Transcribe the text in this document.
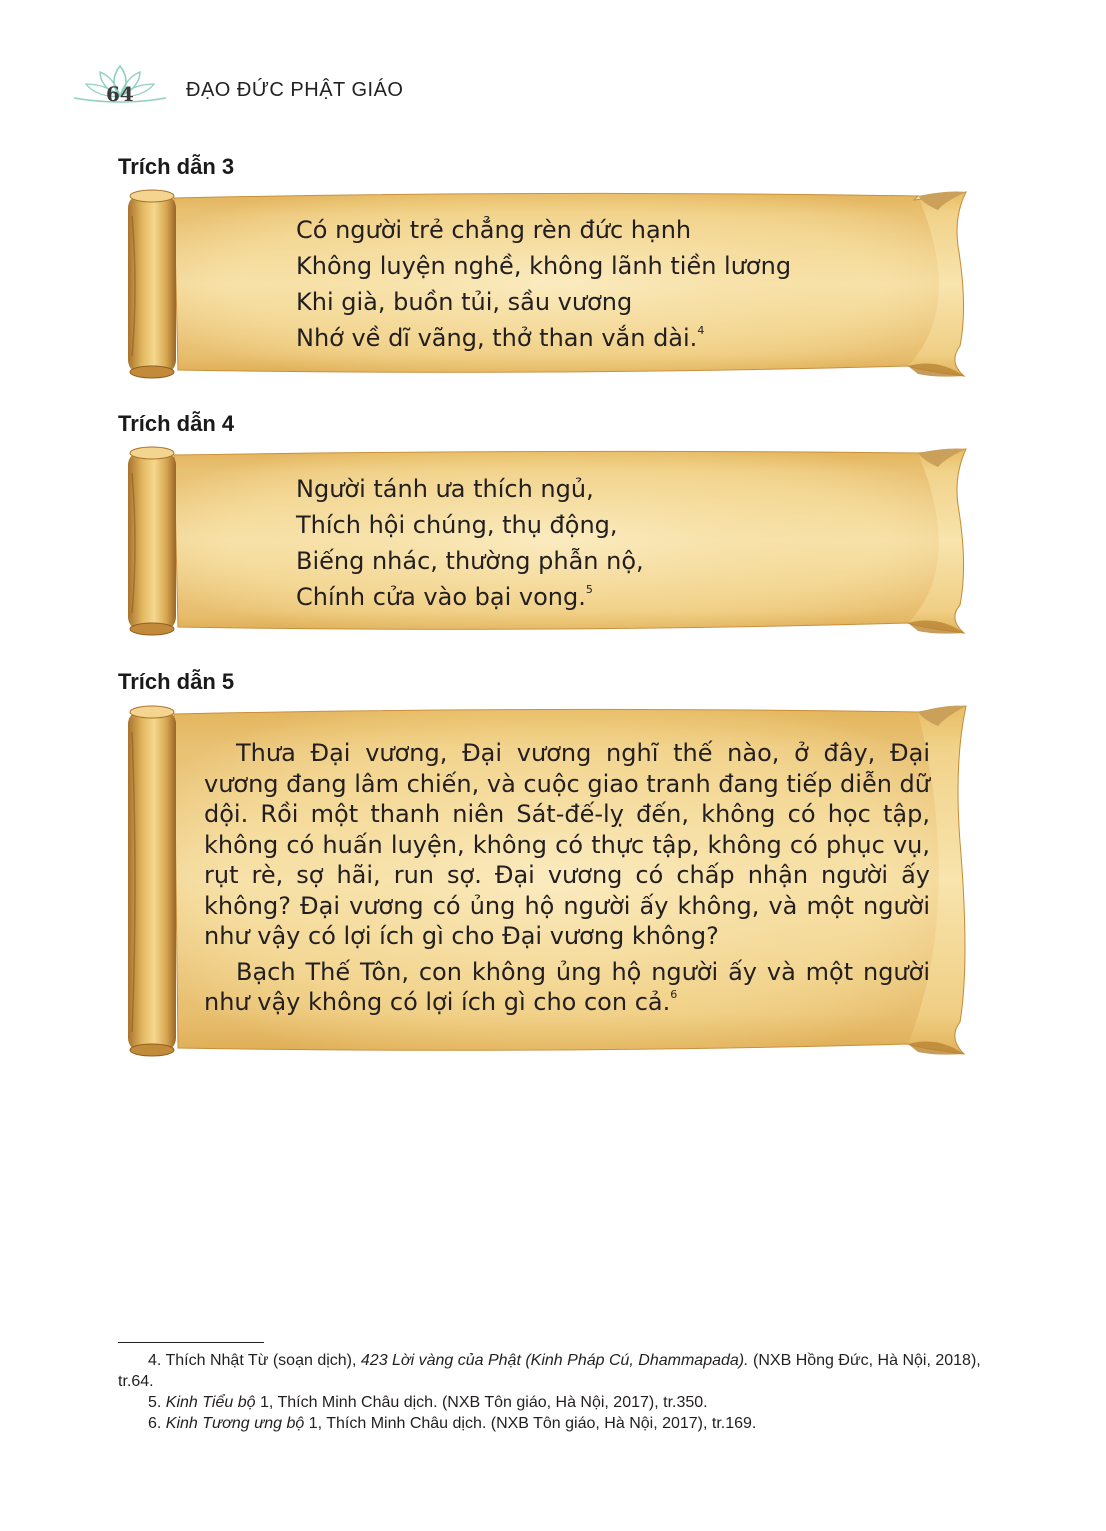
64	ĐẠO ĐỨC PHẬT GIÁO
Trích dẫn 3
Có người trẻ chẳng rèn đức hạnh
Không luyện nghề, không lãnh tiền lương
Khi già, buồn tủi, sầu vương
Nhớ về dĩ vãng, thở than vắn dài.$^4$
Trích dẫn 4
Người tánh ưa thích ngủ,
Thích hội chúng, thụ động,
Biếng nhác, thường phẫn nộ,
Chính cửa vào bại vong.$^5$
Trích dẫn 5

Thưa Đại vương, Đại vương nghĩ thế nào, ở đây, Đại vương đang lâm chiến, và cuộc giao tranh đang tiếp diễn dữ dội. Rồi một thanh niên Sát-đế-lỵ đến, không có học tập, không có huấn luyện, không có thực tập, không có phục vụ, rụt rè, sợ hãi, run sợ. Đại vương có chấp nhận người ấy không? Đại vương có ủng hộ người ấy không, và một người như vậy có lợi ích gì cho Đại vương không?

Bạch Thế Tôn, con không ủng hộ người ấy và một người như vậy không có lợi ích gì cho con cả.$^6$

4. Thích Nhật Từ (soạn dịch), 423 Lời vàng của Phật (Kinh Pháp Cú, Dhammapada). (NXB Hồng Đức, Hà Nội, 2018), tr.64.

5. Kinh Tiểu bộ 1, Thích Minh Châu dịch. (NXB Tôn giáo, Hà Nội, 2017), tr.350.

6. Kinh Tương ưng bộ 1, Thích Minh Châu dịch. (NXB Tôn giáo, Hà Nội, 2017), tr.169.
